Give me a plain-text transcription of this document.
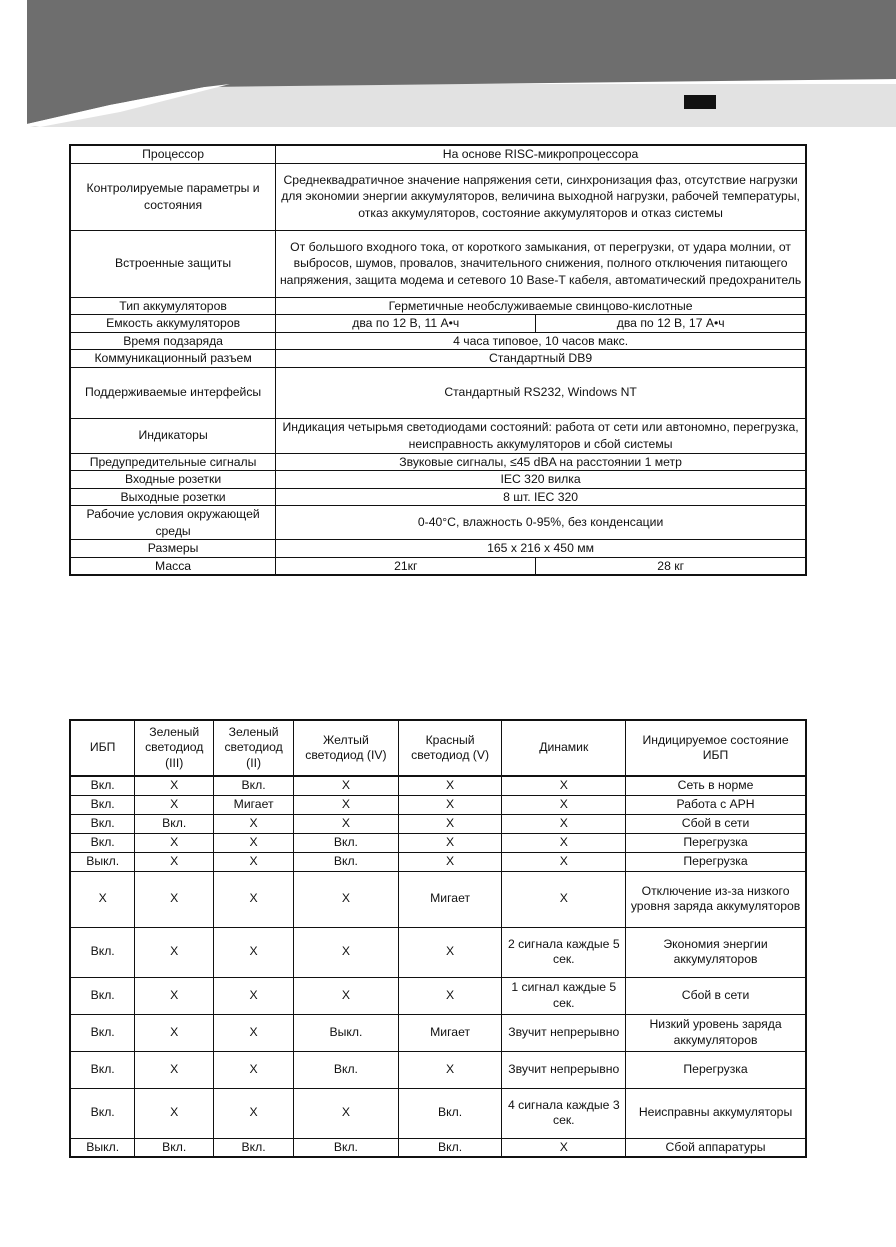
Процессор	На основе RISC-микропроцессора	
Контролируемые параметры и состояния	Среднеквадратичное значение напряжения сети, синхронизация фаз, отсутствие нагрузки для экономии энергии аккумуляторов, величина выходной нагрузки, рабочей температуры, отказ аккумуляторов, состояние аккумуляторов и отказ системы	
Встроенные защиты	От большого входного тока, от короткого замыкания, от перегрузки, от удара молнии, от выбросов, шумов, провалов, значительного снижения, полного отключения питающего напряжения, защита модема и сетевого 10 Base-T кабеля, автоматический предохранитель	
Тип аккумуляторов	Герметичные необслуживаемые свинцово-кислотные	
Емкость аккумуляторов	два по 12 В, 11 А•ч	два по 12 В, 17 А•ч
Время подзаряда	4 часа типовое, 10 часов макс.	
Коммуникационный разъем	Стандартный DB9	
Поддерживаемые интерфейсы	Стандартный RS232, Windows NT	
Индикаторы	Индикация четырьмя светодиодами состояний: работа от сети или автономно, перегрузка, неисправность аккумуляторов и сбой системы	
Предупредительные сигналы	Звуковые сигналы, ≤45 dBA на расстоянии 1 метр	
Входные розетки	IEC 320 вилка	
Выходные розетки	8 шт. IEC 320	
Рабочие условия окружающей среды	0-40°C, влажность 0-95%, без конденсации	
Размеры	165 x 216 x 450 мм	
Масса	21кг	28 кг
ИБП	Зеленый светодиод (III)	Зеленый светодиод (II)	Желтый светодиод (IV)	Красный светодиод (V)	Динамик	Индицируемое состояние ИБП
Вкл.	X	Вкл.	X	X	X	Сеть в норме
Вкл.	X	Мигает	X	X	X	Работа с APH
Вкл.	Вкл.	X	X	X	X	Сбой в сети
Вкл.	X	X	Вкл.	X	X	Перегрузка
Выкл.	X	X	Вкл.	X	X	Перегрузка
X	X	X	X	Мигает	X	Отключение из-за низкого уровня заряда аккумуляторов
Вкл.	X	X	X	X	2 сигнала каждые 5 сек.	Экономия энергии аккумуляторов
Вкл.	X	X	X	X	1 сигнал каждые 5 сек.	Сбой в сети
Вкл.	X	X	Выкл.	Мигает	Звучит непрерывно	Низкий уровень заряда аккумуляторов
Вкл.	X	X	Вкл.	X	Звучит непрерывно	Перегрузка
Вкл.	X	X	X	Вкл.	4 сигнала каждые 3 сек.	Неисправны аккумуляторы
Выкл.	Вкл.	Вкл.	Вкл.	Вкл.	X	Сбой аппаратуры
